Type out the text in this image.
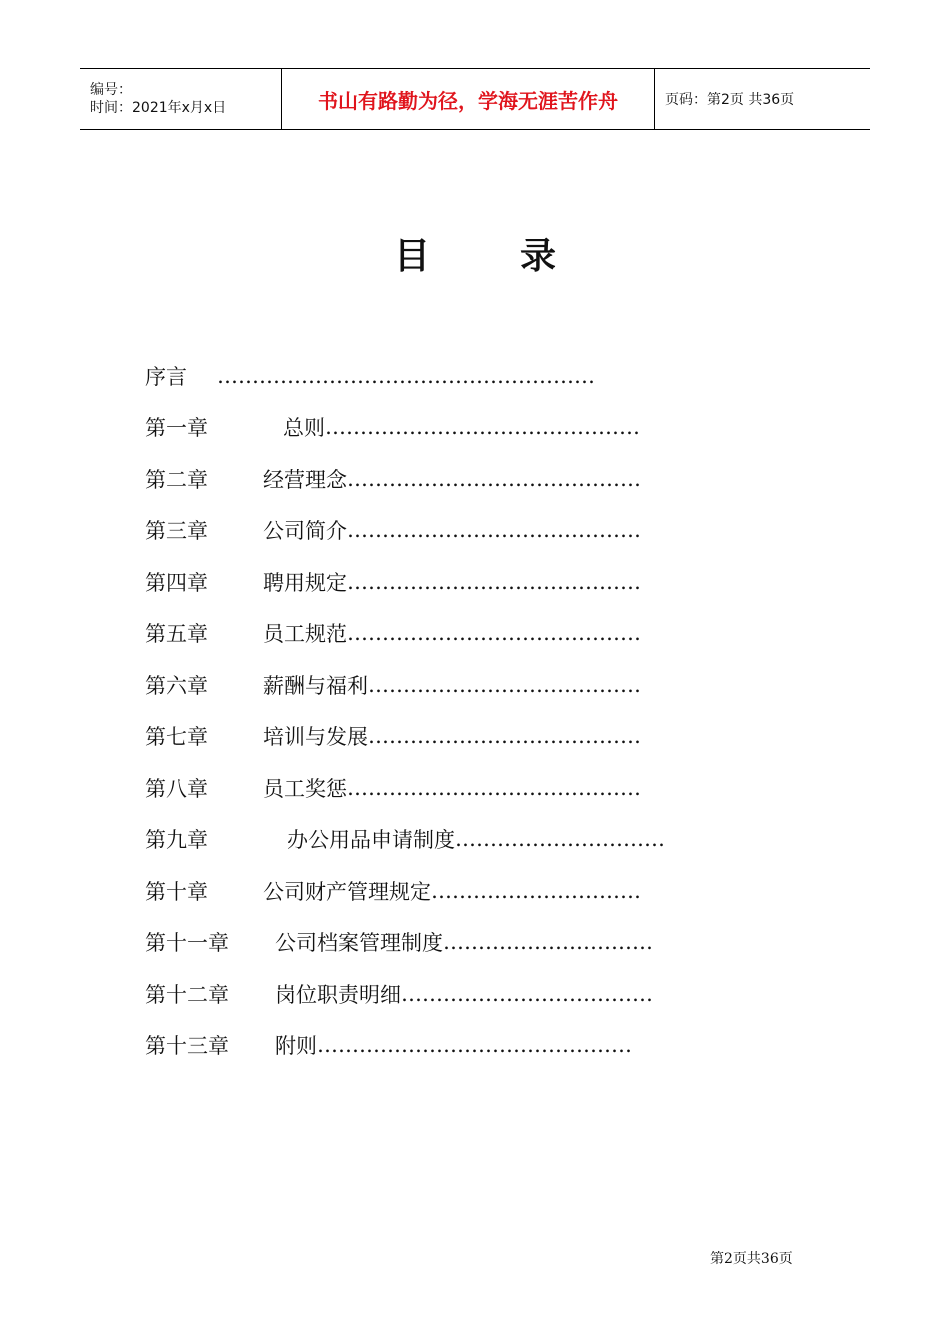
编号：
时间：2021年x月x日	书山有路勤为径，学海无涯苦作舟	页码：第2页 共36页
目	录
序言	………………………………………………
第一章	总则 ………………………………………
第二章	经营理念 ……………………………………
第三章	公司简介 ……………………………………
第四章	聘用规定 ……………………………………
第五章	员工规范 ……………………………………
第六章	薪酬与福利 …………………………………
第七章	培训与发展 …………………………………
第八章	员工奖惩 ……………………………………
第九章	办公用品申请制度 …………………………
第十章	公司财产管理规定 …………………………
第十一章	公司档案管理制度 …………………………
第十二章	岗位职责明细 ………………………………
第十三章	附则 ………………………………………
第2页共36页
